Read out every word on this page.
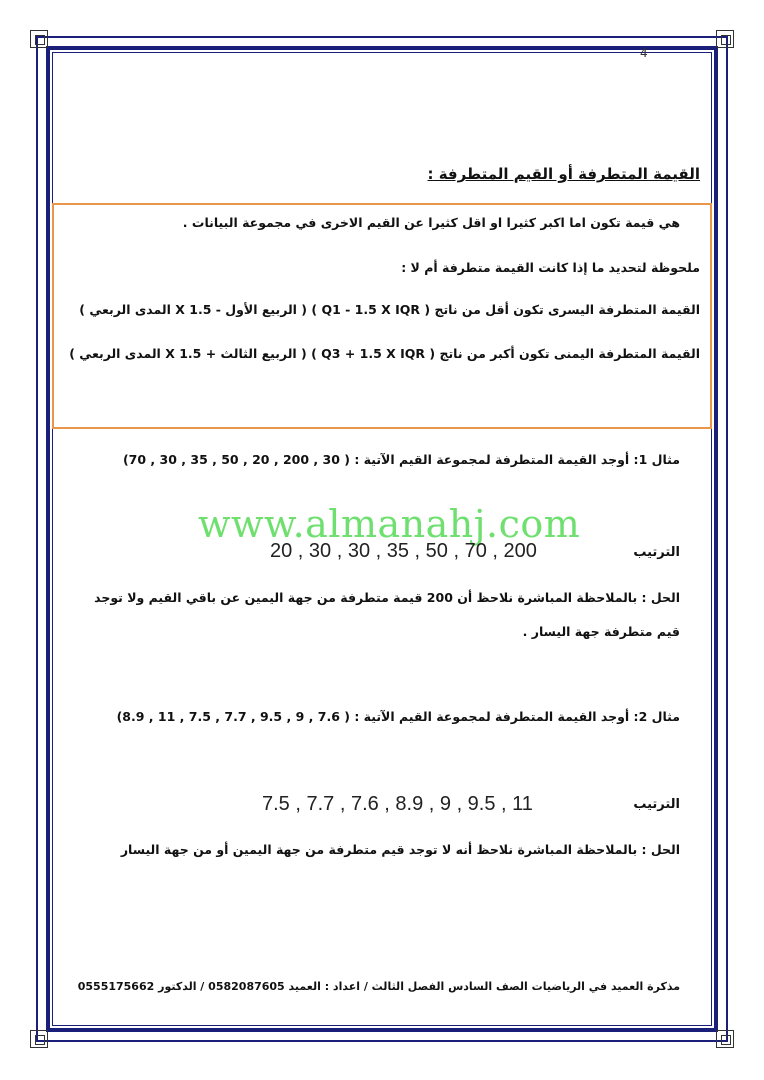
4
القيمة المتطرفة أو القيم المتطرفة :
هي قيمة تكون اما اكبر كثيرا او اقل كثيرا عن القيم الاخرى في مجموعة البيانات .
ملحوظة لتحديد ما إذا كانت القيمة متطرفة أم لا :
القيمة المتطرفة اليسرى تكون أقل من ناتج ( Q1 - 1.5 X IQR ) ( الربيع الأول - 1.5 X المدى الربعي )
القيمة المتطرفة اليمنى تكون أكبر من ناتج ( Q3 + 1.5 X IQR ) ( الربيع الثالث + 1.5 X المدى الربعي )
مثال 1: أوجد القيمة المتطرفة لمجموعة القيم الآتية : ( 30 , 200 , 20 , 50 , 35 , 30 , 70)
www.almanahj.com
الترتيب
20 , 30 , 30 , 35 , 50 , 70 , 200
الحل : بالملاحظة المباشرة نلاحظ أن 200 قيمة متطرفة من جهة اليمين عن باقي القيم ولا توجد
قيم متطرفة جهة اليسار .
مثال 2: أوجد القيمة المتطرفة لمجموعة القيم الآتية : ( 7.6 , 9 , 9.5 , 7.7 , 7.5 , 11 , 8.9)
الترتيب
7.5 , 7.7 , 7.6 , 8.9 , 9 , 9.5 , 11
الحل : بالملاحظة المباشرة نلاحظ أنه لا توجد قيم متطرفة من جهة اليمين أو من جهة اليسار
مذكرة العميد في الرياضيات الصف السادس الفصل الثالث / اعداد : العميد 0582087605 / الدكتور 0555175662
